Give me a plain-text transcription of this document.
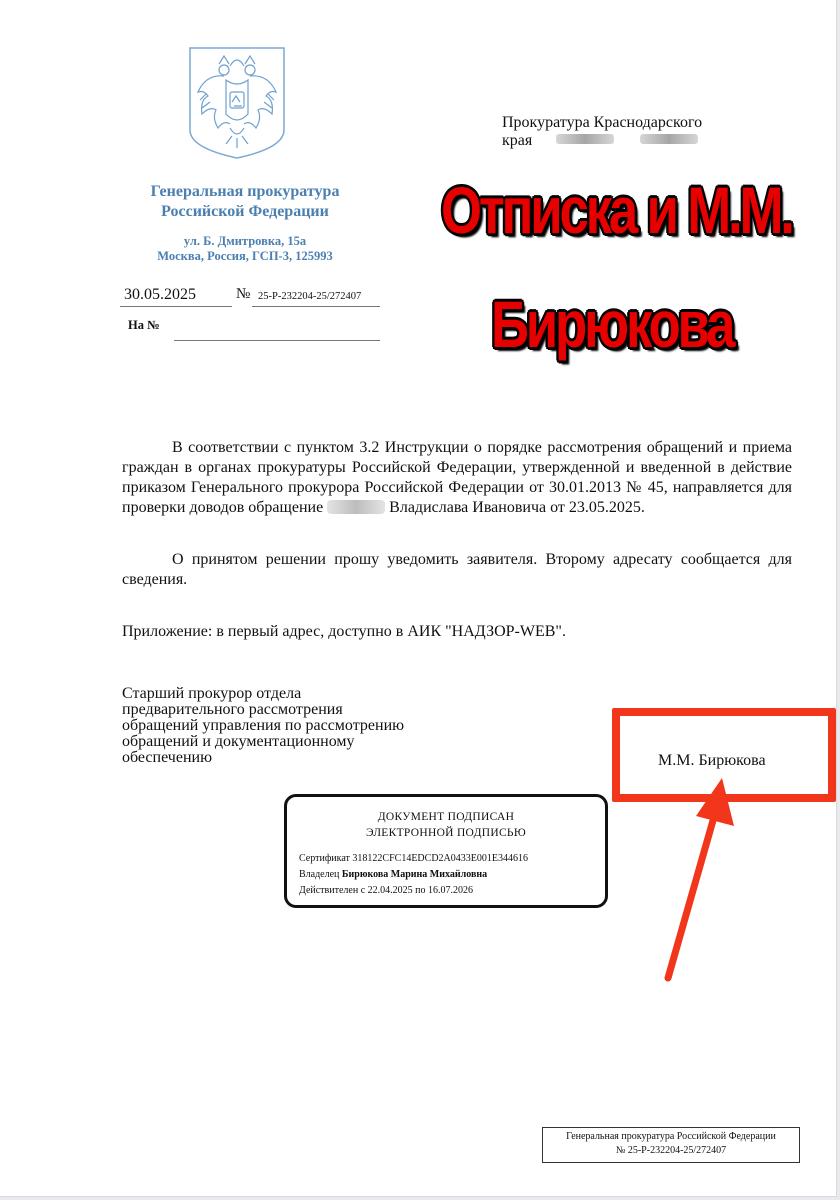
Генеральная прокуратура
Российской Федерации
ул. Б. Дмитровка, 15а
Москва, Россия, ГСП-3, 125993
30.05.2025	№ 25-Р-232204-25/272407
На №
Прокуратура Краснодарского
края
Отписка и М.М.
Бирюкова
В соответствии с пунктом 3.2 Инструкции о порядке рассмотрения обращений и приема граждан в органах прокуратуры Российской Федерации, утвержденной и введенной в действие приказом Генерального прокурора Российской Федерации от 30.01.2013 № 45, направляется для проверки доводов обращение	Владислава Ивановича от 23.05.2025.
О принятом решении прошу уведомить заявителя. Второму адресату сообщается для сведения.
Приложение: в первый адрес, доступно в АИК "НАДЗОР-WEB".
Старший прокурор отдела
предварительного рассмотрения
обращений управления по рассмотрению
обращений и документационному
обеспечению	М.М. Бирюкова
ДОКУМЕНТ ПОДПИСАН
ЭЛЕКТРОННОЙ ПОДПИСЬЮ
Сертификат 318122CFC14EDCD2A0433E001E344616
Владелец Бирюкова Марина Михайловна
Действителен с 22.04.2025 по 16.07.2026
Генеральная прокуратура Российской Федерации
№ 25-Р-232204-25/272407
